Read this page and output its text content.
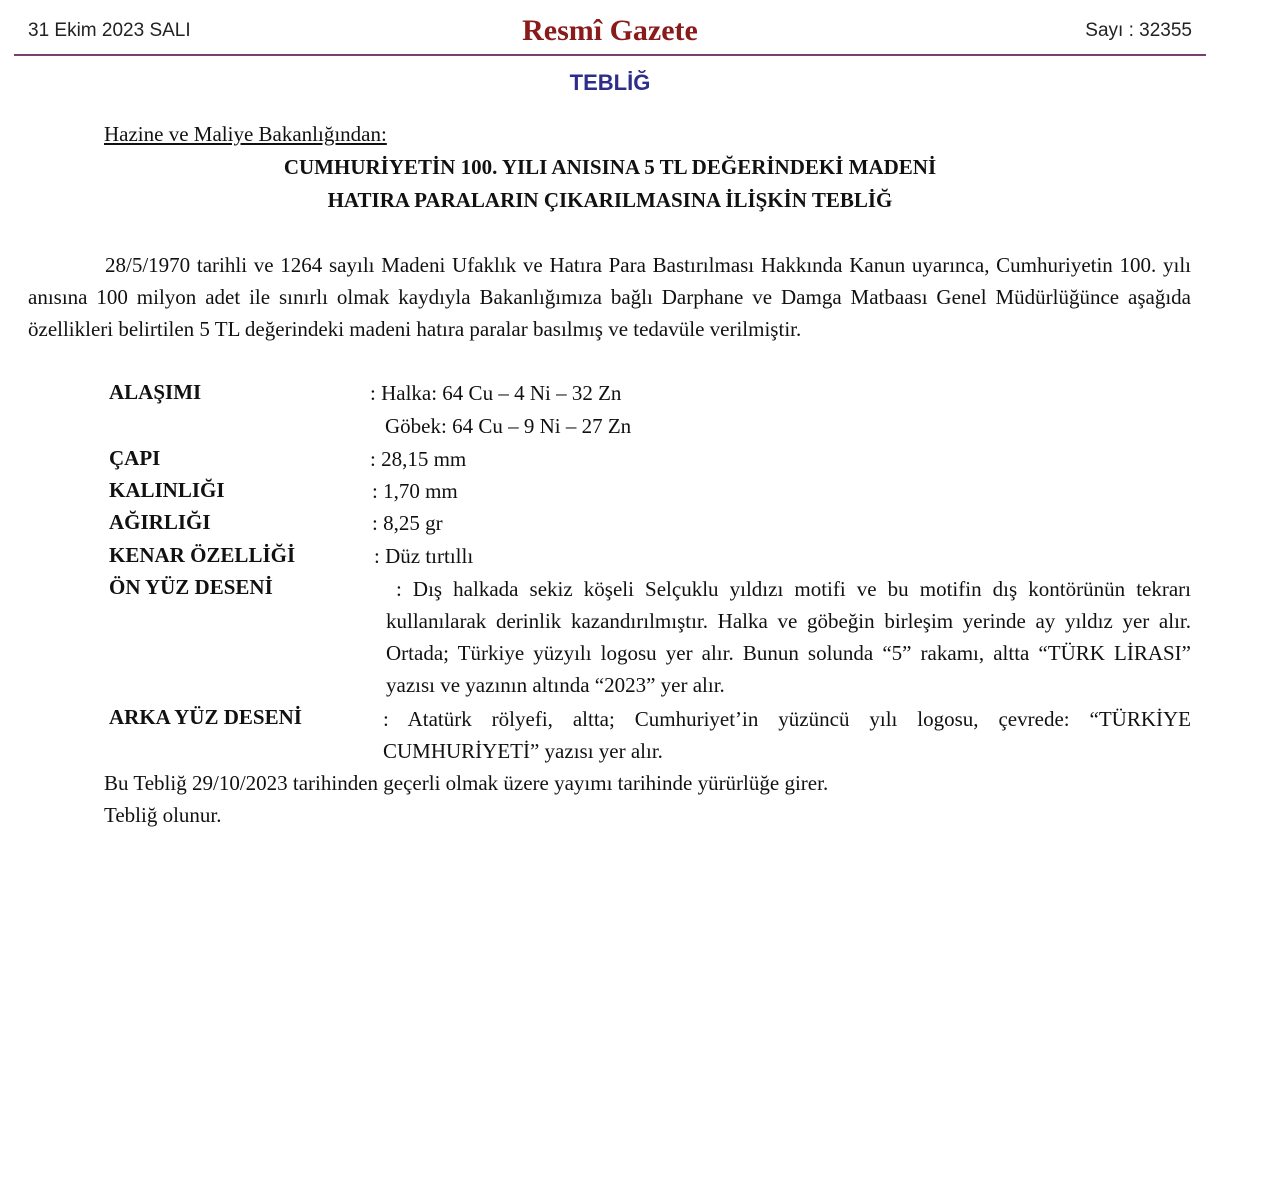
31 Ekim 2023 SALI	Resmî Gazete	Sayı : 32355
TEBLİĞ
Hazine ve Maliye Bakanlığından:
CUMHURİYETİN 100. YILI ANISINA 5 TL DEĞERİNDEKİ MADENİ
HATIRA PARALARIN ÇIKARILMASINA İLİŞKİN TEBLİĞ

28/5/1970 tarihli ve 1264 sayılı Madeni Ufaklık ve Hatıra Para Bastırılması Hakkında Kanun uyarınca, Cumhuriyetin 100. yılı anısına 100 milyon adet ile sınırlı olmak kaydıyla Bakanlığımıza bağlı Darphane ve Damga Matbaası Genel Müdürlüğünce aşağıda özellikleri belirtilen 5 TL değerindeki madeni hatıra paralar basılmış ve tedavüle verilmiştir.

ALAŞIMI	: Halka: 64 Cu – 4 Ni – 32 Zn
Göbek: 64 Cu – 9 Ni – 27 Zn
ÇAPI	: 28,15 mm
KALINLIĞI	: 1,70 mm
AĞIRLIĞI	: 8,25 gr
KENAR ÖZELLİĞİ	: Düz tırtıllı
ÖN YÜZ DESENİ	: Dış halkada sekiz köşeli Selçuklu yıldızı motifi ve bu motifin dış kontörünün tekrarı kullanılarak derinlik kazandırılmıştır. Halka ve göbeğin birleşim yerinde ay yıldız yer alır. Ortada; Türkiye yüzyılı logosu yer alır. Bunun solunda “5” rakamı, altta “TÜRK LİRASI” yazısı ve yazının altında “2023” yer alır.

ARKA YÜZ DESENİ	: Atatürk rölyefi, altta; Cumhuriyet’in yüzüncü yılı logosu, çevrede: “TÜRKİYE CUMHURİYETİ” yazısı yer alır.

Bu Tebliğ 29/10/2023 tarihinden geçerli olmak üzere yayımı tarihinde yürürlüğe girer.
Tebliğ olunur.
